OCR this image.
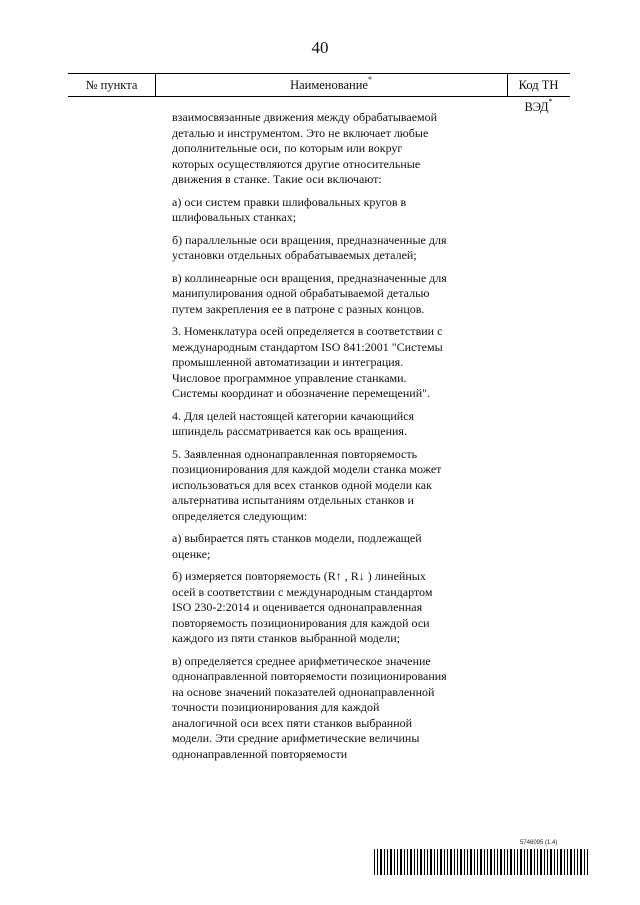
40
№ пункта	Наименование*	Код ТН ВЭД*

взаимосвязанные движения между обрабатываемой деталью и инструментом. Это не включает любые дополнительные оси, по которым или вокруг которых осуществляются другие относительные движения в станке. Такие оси включают:

а) оси систем правки шлифовальных кругов в шлифовальных станках;

б) параллельные оси вращения, предназначенные для установки отдельных обрабатываемых деталей;

в) коллинеарные оси вращения, предназначенные для манипулирования одной обрабатываемой деталью путем закрепления ее в патроне с разных концов.

3. Номенклатура осей определяется в соответствии с международным стандартом ISO 841:2001 "Системы промышленной автоматизации и интеграция. Числовое программное управление станками. Системы координат и обозначение перемещений".

4. Для целей настоящей категории качающийся шпиндель рассматривается как ось вращения.

5. Заявленная однонаправленная повторяемость позиционирования для каждой модели станка может использоваться для всех станков одной модели как альтернатива испытаниям отдельных станков и определяется следующим:

а) выбирается пять станков модели, подлежащей оценке;

б) измеряется повторяемость (R↑ , R↓ ) линейных осей в соответствии с международным стандартом ISO 230-2:2014 и оценивается однонаправленная повторяемость позиционирования для каждой оси каждого из пяти станков выбранной модели;

в) определяется среднее арифметическое значение однонаправленной повторяемости позиционирования на основе значений показателей однонаправленной точности позиционирования для каждой аналогичной оси всех пяти станков выбранной модели. Эти средние арифметические величины однонаправленной повторяемости

5746095 (1.4)
